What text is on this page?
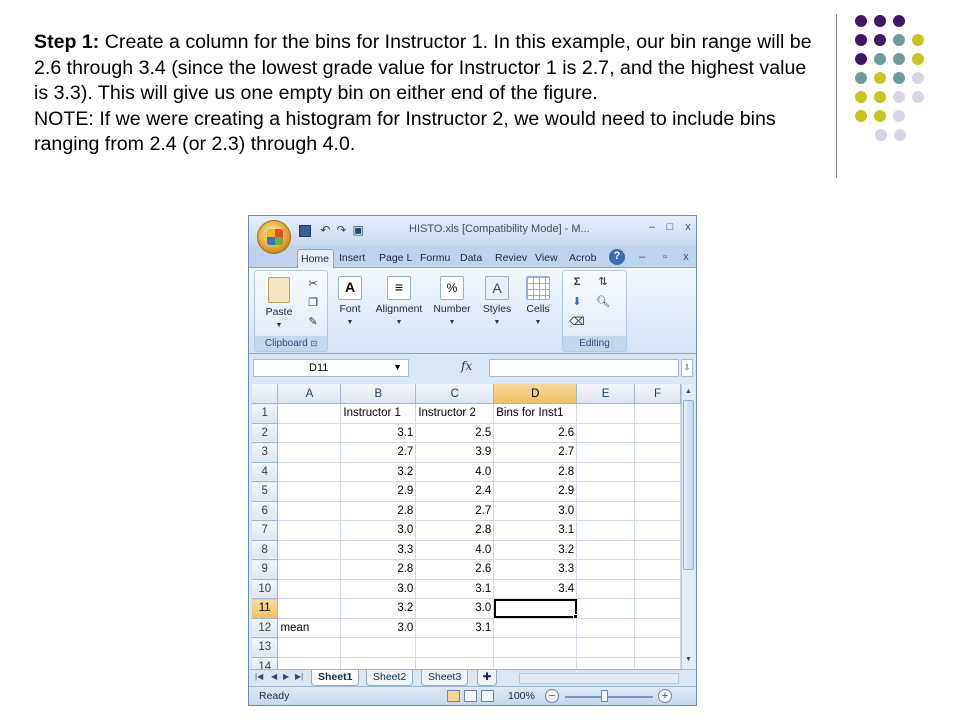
Step 1: Create a column for the bins for Instructor 1. In this example, our bin range will be 2.6 through 3.4 (since the lowest grade value for Instructor 1 is 2.7, and the highest value is 3.3). This will give us one empty bin on either end of the figure.

NOTE: If we were creating a histogram for Instructor 2, we would need to include bins ranging from 2.4 (or 2.3) through 4.0.

↶↷▣	HISTO.xls [Compatibility Mode] - M...	–	□	x
Home Insert	Page L Formu Data	Reviev View	Acrob	?	–	▫	x
Paste
▼
✂
❐
✎
Clipboard ⊡
A
Font
▼
≡
Alignment
▼
%
Number
▼
A
Styles
▼
Cells
▼
Σ	⇅
⬇	🔍︎
⌫
Editing
D11	▼	fx	⇩
	A	B	C	D	E	F
1		Instructor 1	Instructor 2	Bins for Inst1		
2		3.1	2.5	2.6		
3		2.7	3.9	2.7		
4		3.2	4.0	2.8		
5		2.9	2.4	2.9		
6		2.8	2.7	3.0		
7		3.0	2.8	3.1		
8		3.3	4.0	3.2		
9		2.8	2.6	3.3		
10		3.0	3.1	3.4		
11		3.2	3.0			
12	mean	3.0	3.1			
13						
14						
▲
▼
|◀ ◀ ▶ ▶|	Sheet1	Sheet2	Sheet3	✚
Ready	100%	−	+
